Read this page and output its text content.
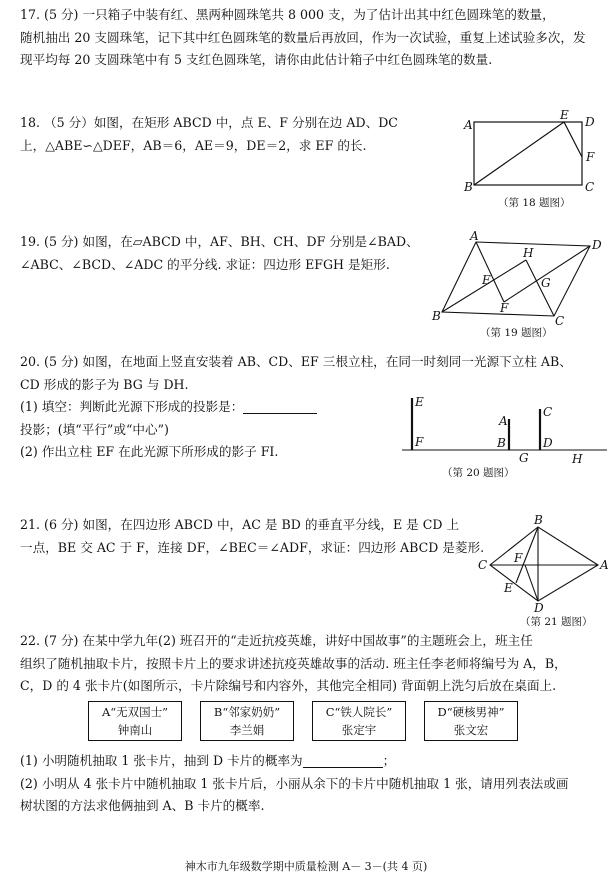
17. (5 分) 一只箱子中装有红、黑两种圆珠笔共 8 000 支，为了估计出其中红色圆珠笔的数量，
随机抽出 20 支圆珠笔，记下其中红色圆珠笔的数量后再放回，作为一次试验，重复上述试验多次，发
现平均每 20 支圆珠笔中有 5 支红色圆珠笔，请你由此估计箱子中红色圆珠笔的数量.
18. （5 分）如图，在矩形 ABCD 中，点 E、F 分别在边 AD、DC
上，△ABE∽△DEF，AB＝6，AE＝9，DE＝2，求 EF 的长.
A
B	C
D
E
F
（第 18 题图）
19. (5 分) 如图，在▱ABCD 中，AF、BH、CH、DF 分别是∠BAD、
∠ABC、∠BCD、∠ADC 的平分线. 求证：四边形 EFGH 是矩形.
A
B	C
D
E
F
G
H
（第 19 题图）
20. (5 分) 如图，在地面上竖直安装着 AB、CD、EF 三根立柱，在同一时刻同一光源下立柱 AB、
CD 形成的影子为 BG 与 DH.
(1) 填空：判断此光源下形成的投影是：
投影；(填“平行”或“中心”)
(2) 作出立柱 EF 在此光源下所形成的影子 FI.
E
F
A
B
C
D
G	H
（第 20 题图）
21. (6 分) 如图，在四边形 ABCD 中，AC 是 BD 的垂直平分线，E 是 CD 上
一点，BE 交 AC 于 F，连接 DF，∠BEC＝∠ADF，求证：四边形 ABCD 是菱形.
C
B
A
D
F
E
（第 21 题图）
22. (7 分) 在某中学九年(2) 班召开的“走近抗疫英雄，讲好中国故事”的主题班会上，班主任
组织了随机抽取卡片，按照卡片上的要求讲述抗疫英雄故事的活动. 班主任李老师将编号为 A，B，
C，D 的 4 张卡片(如图所示，卡片除编号和内容外，其他完全相同) 背面朝上洗匀后放在桌面上.
A“无双国士”
钟南山
B“邻家奶奶”
李兰娟
C“铁人院长”
张定宇
D“硬核男神”
张文宏
(1) 小明随机抽取 1 张卡片，抽到 D 卡片的概率为	；
(2) 小明从 4 张卡片中随机抽取 1 张卡片后，小丽从余下的卡片中随机抽取 1 张，请用列表法或画
树状图的方法求他俩抽到 A、B 卡片的概率.
神木市九年级数学期中质量检测 A－ 3－(共 4 页)
